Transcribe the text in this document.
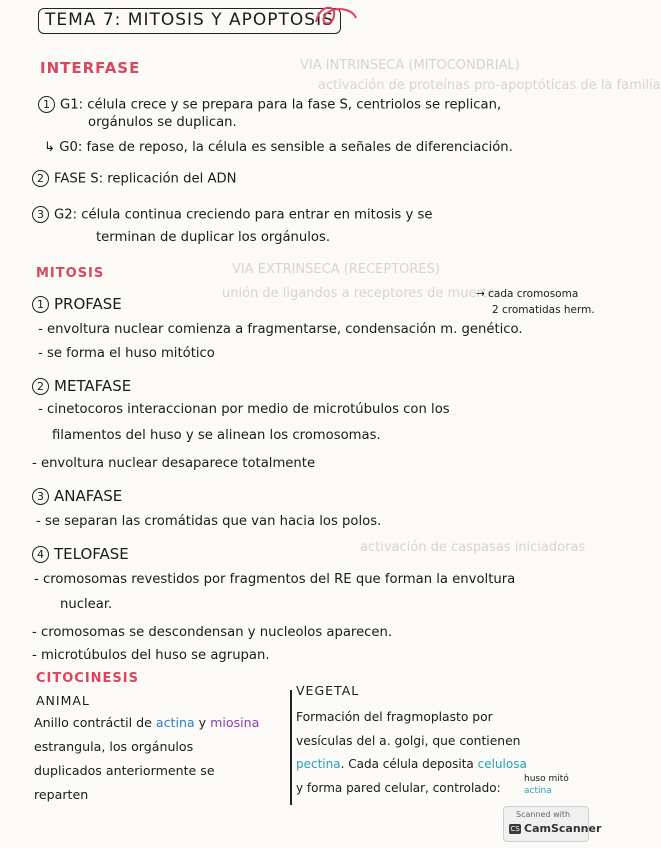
VIA INTRINSECA (MITOCONDRIAL)
activación de proteínas pro-apoptóticas de la familia
VIA EXTRINSECA (RECEPTORES)
unión de ligandos a receptores de muerte
activación de caspasas iniciadoras
TEMA 7: MITOSIS Y APOPTOSIS
INTERFASE
1 G1: célula crece y se prepara para la fase S, centriolos se replican,
orgánulos se duplican.
↳ G0: fase de reposo, la célula es sensible a señales de diferenciación.
2 FASE S: replicación del ADN
3 G2: célula continua creciendo para entrar en mitosis y se
terminan de duplicar los orgánulos.
MITOSIS
1 PROFASE
→ cada cromosoma
2 cromatidas herm.
- envoltura nuclear comienza a fragmentarse, condensación m. genético.
- se forma el huso mitótico
2 METAFASE
- cinetocoros interaccionan por medio de microtúbulos con los
filamentos del huso y se alinean los cromosomas.
- envoltura nuclear desaparece totalmente
3 ANAFASE
- se separan las cromátidas que van hacia los polos.
4 TELOFASE
- cromosomas revestidos por fragmentos del RE que forman la envoltura
nuclear.
- cromosomas se descondensan y nucleolos aparecen.
- microtúbulos del huso se agrupan.
CITOCINESIS
ANIMAL
Anillo contráctil de actina y miosina
estrangula, los orgánulos
duplicados anteriormente se
reparten
VEGETAL
Formación del fragmoplasto por
vesículas del a. golgi, que contienen
pectina. Cada célula deposita celulosa
y forma pared celular, controlado:
huso mitó
actina
Scanned with
CS CamScanner
